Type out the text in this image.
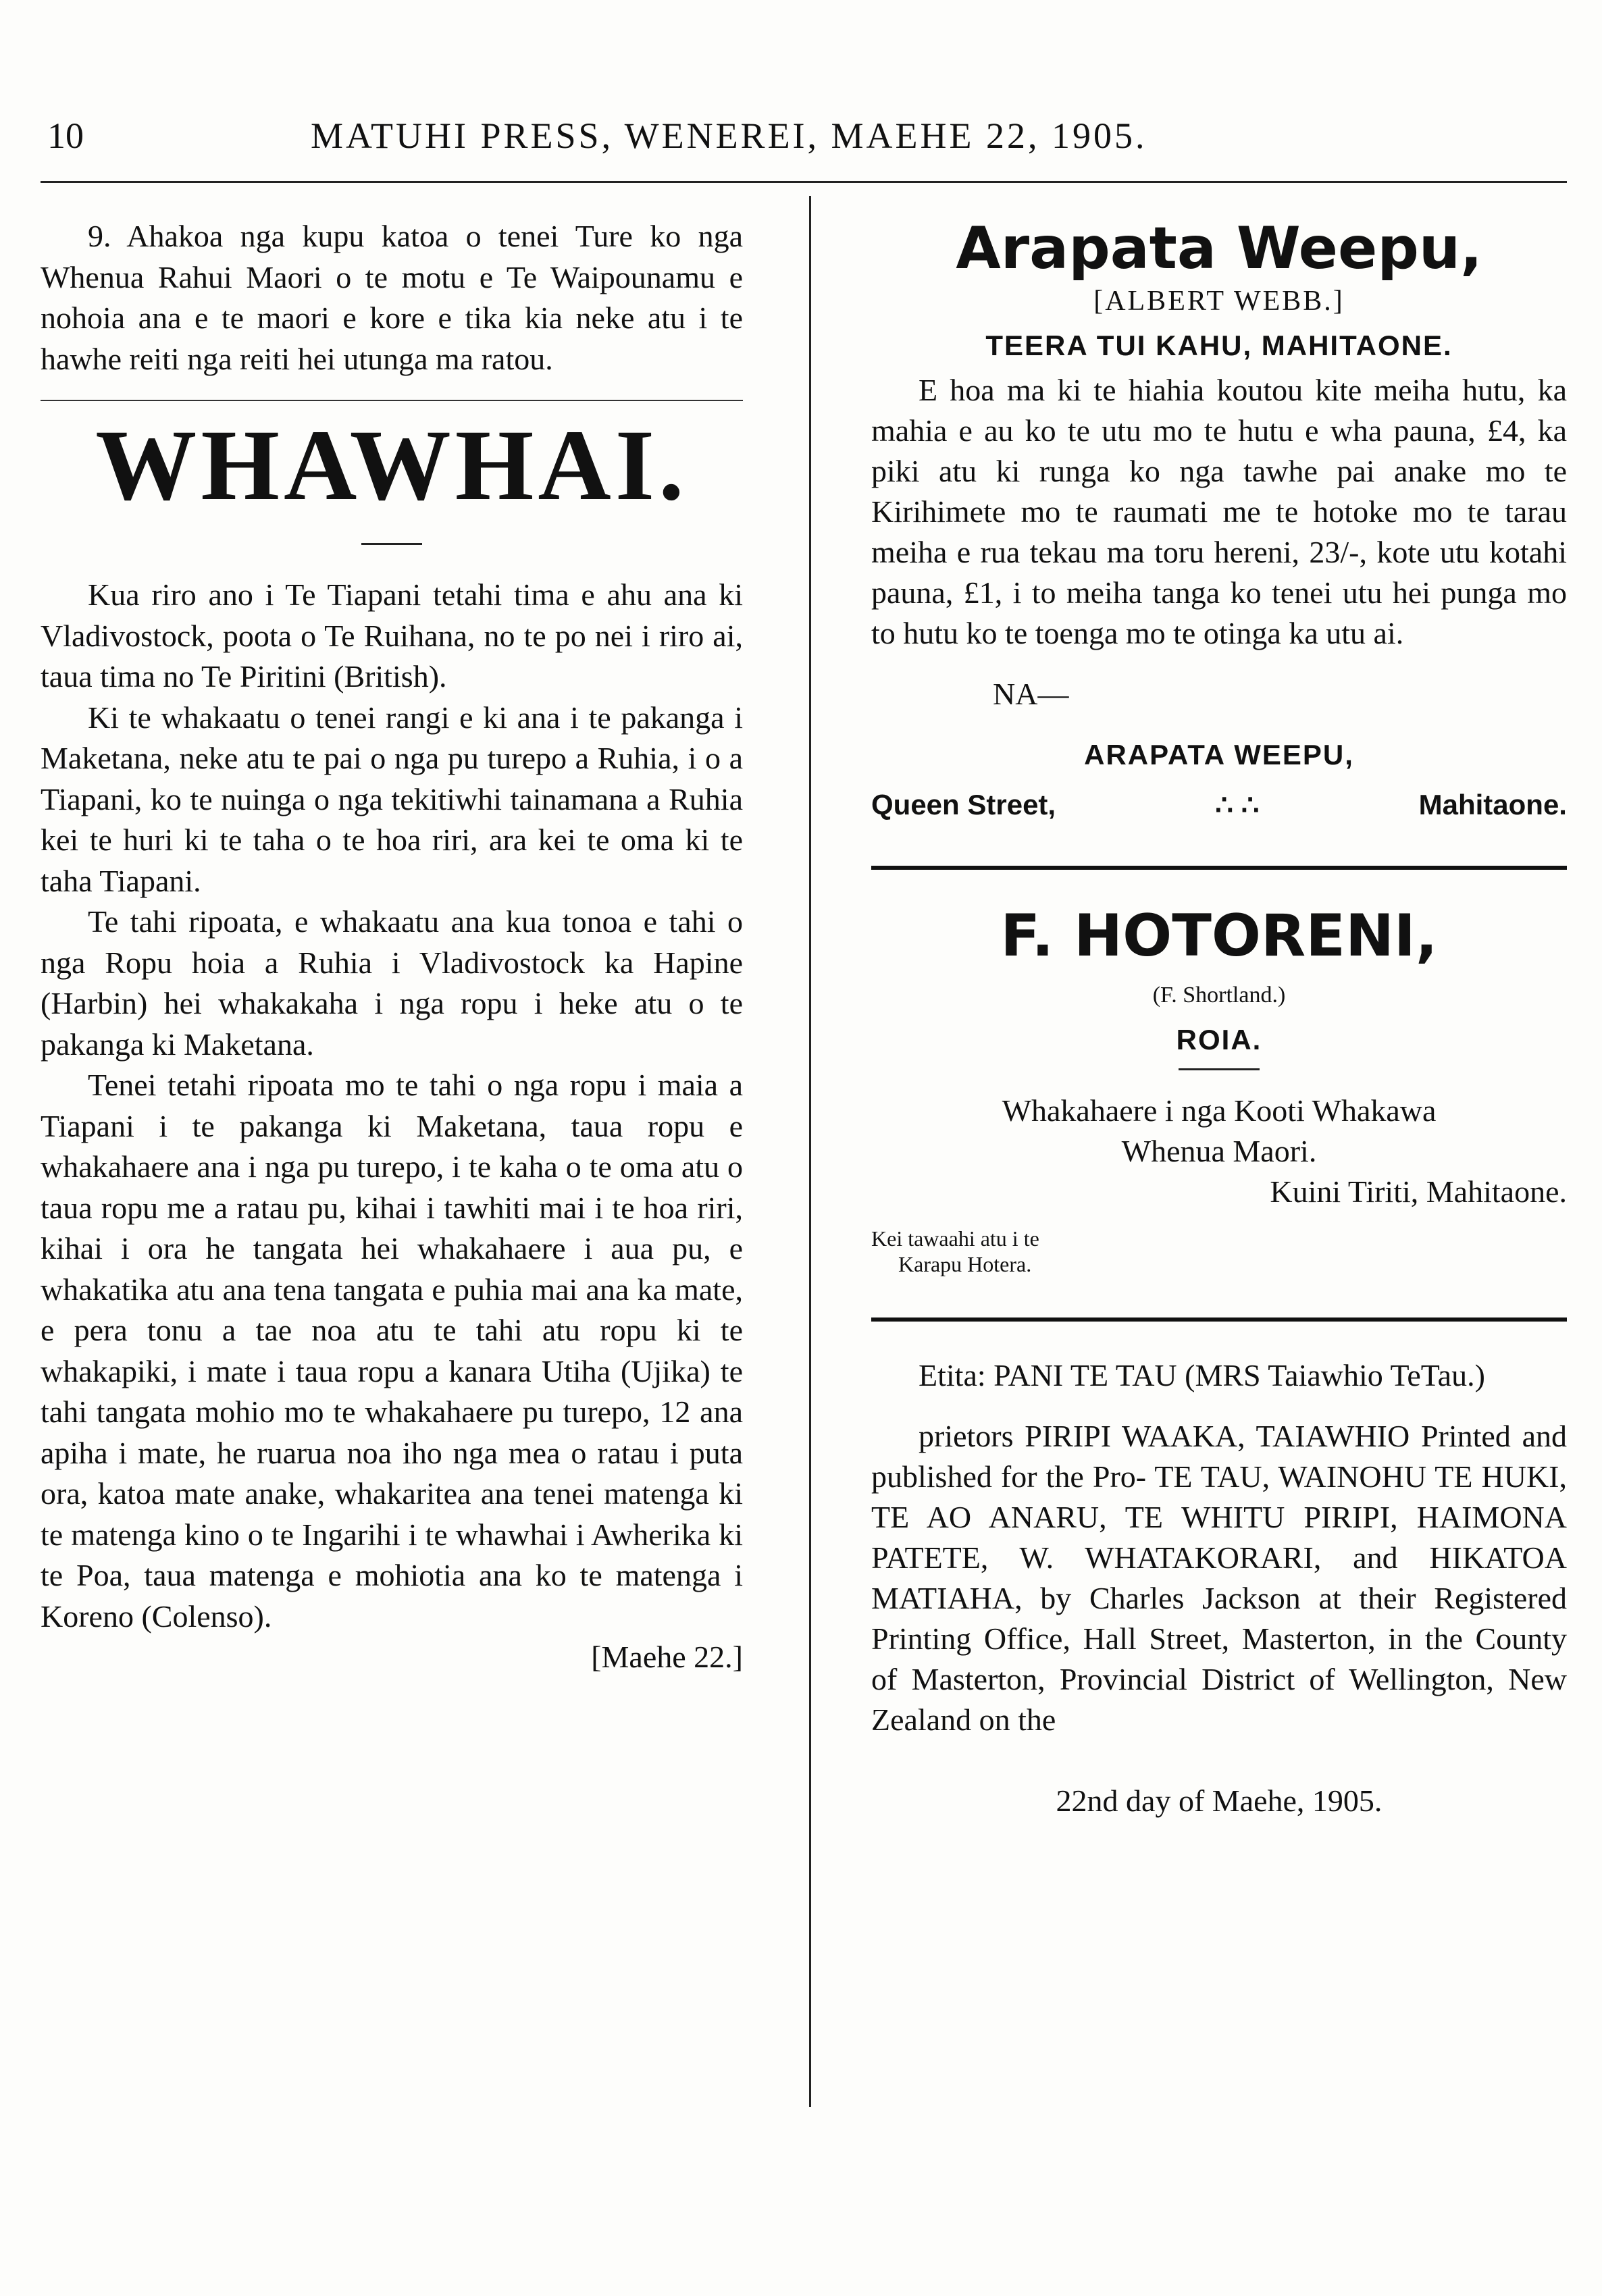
10	MATUHI PRESS, WENEREI, MAEHE 22, 1905.

9. Ahakoa nga kupu katoa o tenei Ture ko nga Whenua Rahui Maori o te motu e Te Waipounamu e nohoia ana e te maori e kore e tika kia neke atu i te hawhe reiti nga reiti hei utunga ma ratou.

WHAWHAI.

Kua riro ano i Te Tiapani tetahi tima e ahu ana ki Vladivostock, poota o Te Ruihana, no te po nei i riro ai, taua tima no Te Piritini (British).

Ki te whakaatu o tenei rangi e ki ana i te pakanga i Maketana, neke atu te pai o nga pu turepo a Ruhia, i o a Tiapani, ko te nuinga o nga tekitiwhi tainamana a Ruhia kei te huri ki te taha o te hoa riri, ara kei te oma ki te taha Tiapani.

Te tahi ripoata, e whakaatu ana kua tonoa e tahi o nga Ropu hoia a Ruhia i Vladivostock ka Hapine (Harbin) hei whakakaha i nga ropu i heke atu o te pakanga ki Maketana.

Tenei tetahi ripoata mo te tahi o nga ropu i maia a Tiapani i te pakanga ki Maketana, taua ropu e whakahaere ana i nga pu turepo, i te kaha o te oma atu o taua ropu me a ratau pu, kihai i tawhiti mai i te hoa riri, kihai i ora he tangata hei whakahaere i aua pu, e whakatika atu ana tena tangata e puhia mai ana ka mate, e pera tonu a tae noa atu te tahi atu ropu ki te whakapiki, i mate i taua ropu a kanara Utiha (Ujika) te tahi tangata mohio mo te whakahaere pu turepo, 12 ana apiha i mate, he ruarua noa iho nga mea o ratau i puta ora, katoa mate anake, whakaritea ana tenei matenga ki te matenga kino o te Ingarihi i te whawhai i Awherika ki te Poa, taua matenga e mohiotia ana ko te matenga i Koreno (Colenso).

[Maehe 22.]
Arapata Weepu,
[ALBERT WEBB.]
TEERA TUI KAHU, MAHITAONE.
E hoa ma ki te hiahia koutou kite meiha hutu, ka mahia e au ko te utu mo te hutu e wha pauna, £4, ka piki atu ki runga ko nga tawhe pai anake mo te Kirihimete mo te raumati me te hotoke mo te tarau meiha e rua tekau ma toru hereni, 23/-, kote utu kotahi pauna, £1, i to meiha tanga ko tenei utu hei punga mo to hutu ko te toenga mo te otinga ka utu ai.
NA—
ARAPATA WEEPU,
Queen Street,	∴ ∴	Mahitaone.
F. HOTORENI,
(F. Shortland.)
ROIA.
Whakahaere i nga Kooti Whakawa
Whenua Maori.
Kuini Tiriti, Mahitaone.
Kei tawaahi atu i te
Karapu Hotera.

Etita: PANI TE TAU (MRS Taiawhio TeTau.)

prietors PIRIPI WAAKA, TAIAWHIO Printed and published for the Pro- TE TAU, WAINOHU TE HUKI, TE AO ANARU, TE WHITU PIRIPI, HAIMONA PATETE, W. WHATAKORARI, and HIKATOA MATIAHA, by Charles Jackson at their Registered Printing Office, Hall Street, Masterton, in the County of Masterton, Provincial District of Wellington, New Zealand on the

22nd day of Maehe, 1905.
